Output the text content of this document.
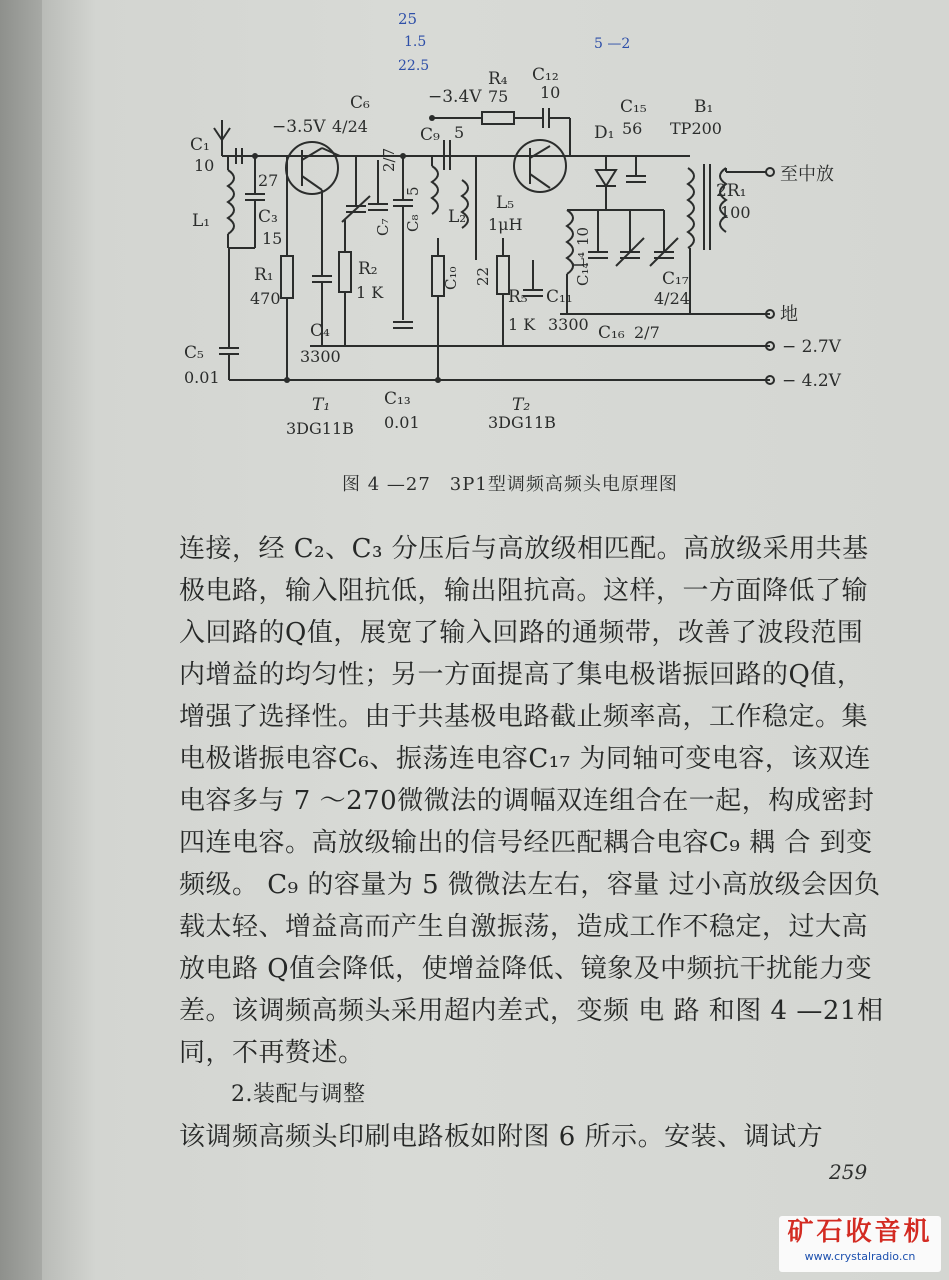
25
1.5
22.5
5 —2
C₁
10
27
C₃
15
L₁
C₅
0.01
R₁
470
R₂
1 K
−3.5V
C₆
4/24
C₇
2/7
C₈
5
C₉ 5
L₂
C₄
3300
C₁₃
0.01
T₁
3DG11B
−3.4V
R₄
75
C₁₂
10
L₅
1μH
C₁₀ 22
R₅
1 K
C₁₁
3300
T₂
3DG11B
C₁₅
56
D₁
L₄
C₁₄
10
C₁₆ 2/7
C₁₇
4/24
B₁
TP200
2R₁
100
至中放
地
− 2.7V
− 4.2V
图 4 —27　3P1型调频高频头电原理图
连接，经 C₂、C₃ 分压后与高放级相匹配。高放级采用共基
极电路，输入阻抗低，输出阻抗高。这样，一方面降低了输
入回路的Q值，展宽了输入回路的通频带，改善了波段范围
内增益的均匀性；另一方面提高了集电极谐振回路的Q值，
增强了选择性。由于共基极电路截止频率高，工作稳定。集
电极谐振电容C₆、振荡连电容C₁₇ 为同轴可变电容，该双连
电容多与 7 ～270微微法的调幅双连组合在一起，构成密封
四连电容。高放级输出的信号经匹配耦合电容C₉ 耦 合 到变
频级。 C₉ 的容量为 5 微微法左右，容量 过小高放级会因负
载太轻、增益高而产生自激振荡，造成工作不稳定，过大高
放电路 Q值会降低，使增益降低、镜象及中频抗干扰能力变
差。该调频高频头采用超内差式，变频 电 路 和图 4 —21相
同，不再赘述。
2.装配与调整
该调频高频头印刷电路板如附图 6 所示。安装、调试方
259
矿石收音机
www.crystalradio.cn
